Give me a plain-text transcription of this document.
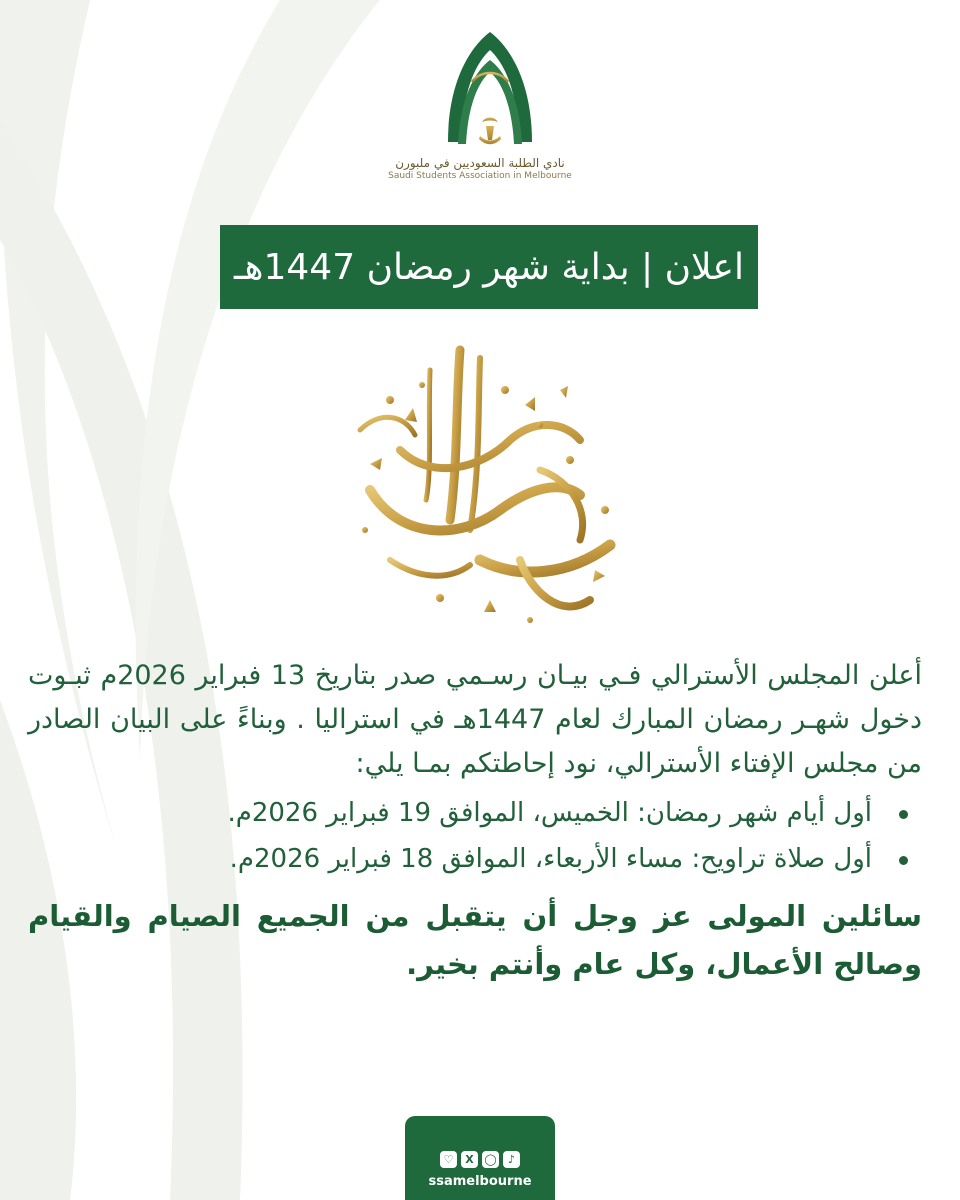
نادي الطلبة السعوديين في ملبورن
Saudi Students Association in Melbourne
اعلان | بداية شهر رمضان 1447هـ

أعلن المجلس الأسترالي فـي بيـان رسـمي صدر بتاريخ 13 فبراير 2026م ثبـوت دخول شهـر رمضان المبارك لعام 1447هـ في استراليا . وبناءً على البيان الصادر من مجلس الإفتاء الأسترالي، نود إحاطتكم بمـا يلي:

أول أيام شهر رمضان: الخميس، الموافق 19 فبراير 2026م.
أول صلاة تراويح: مساء الأربعاء، الموافق 18 فبراير 2026م.

سائلين المولى عز وجل أن يتقبل من الجميع الصيام والقيام وصالح الأعمال، وكل عام وأنتم بخير.

♡	X ◯	♪
ssamelbourne
